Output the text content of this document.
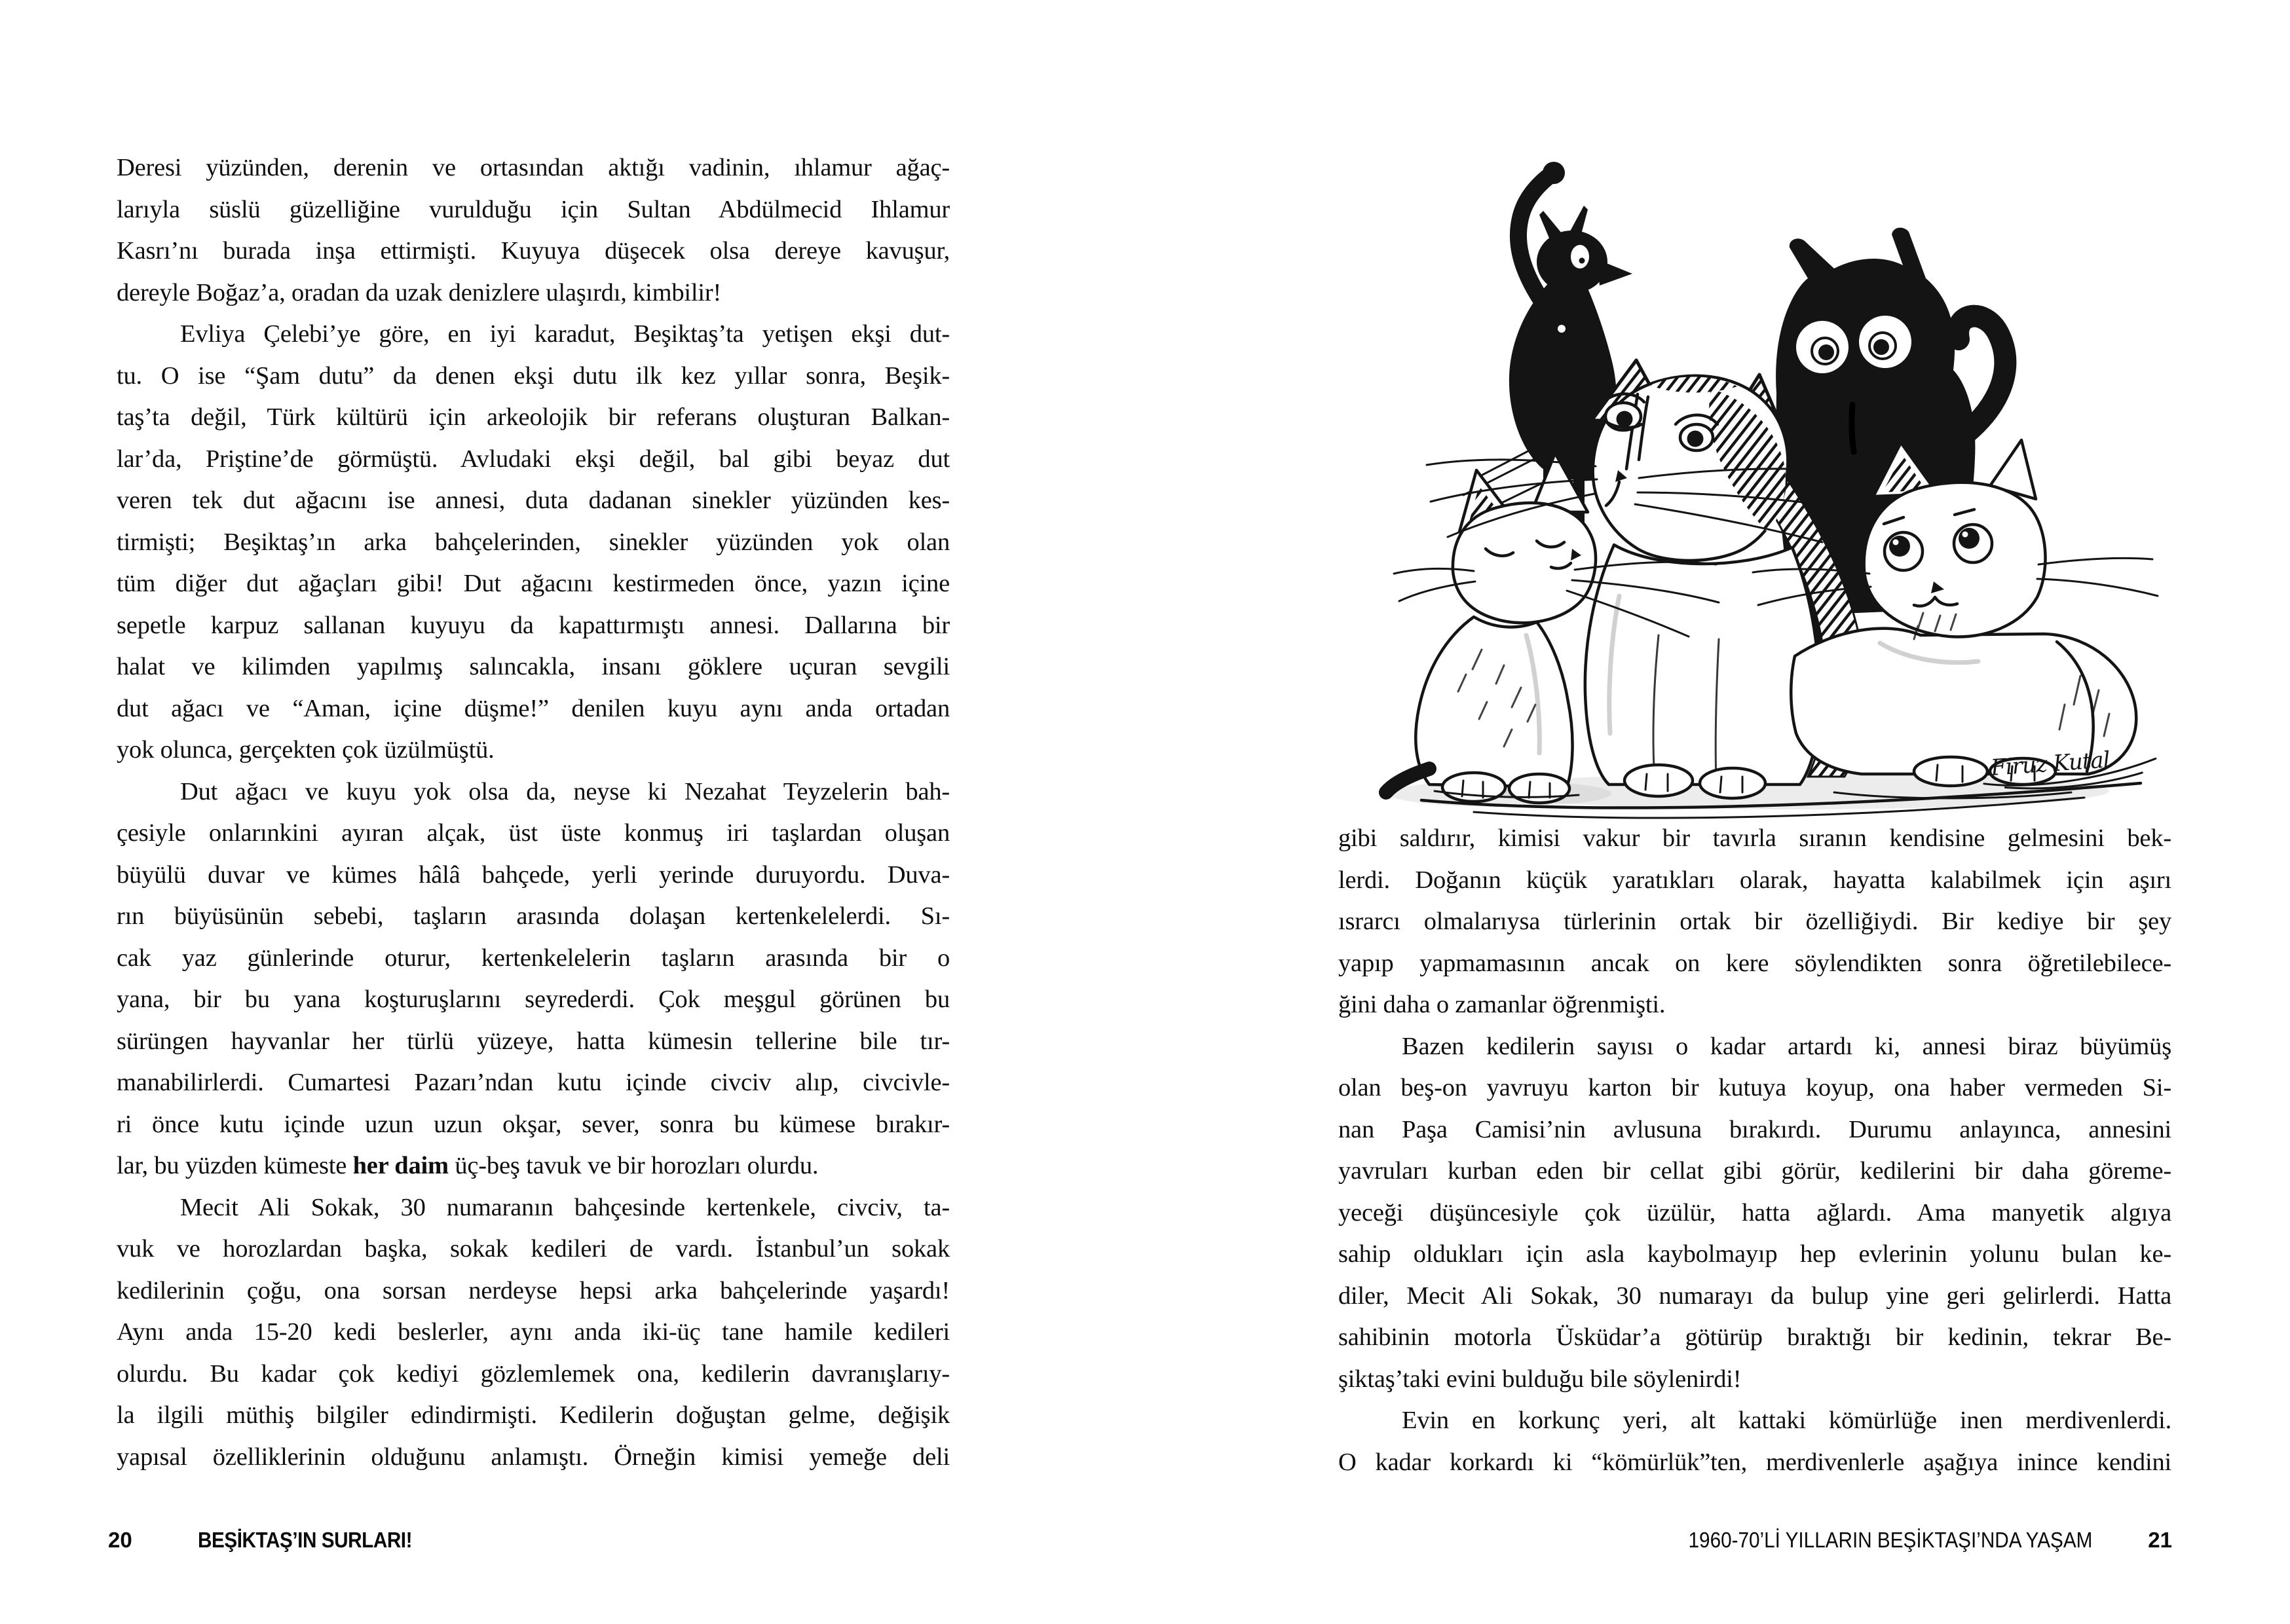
Deresi yüzünden, derenin ve ortasından aktığı vadinin, ıhlamur ağaç-
larıyla süslü güzelliğine vurulduğu için Sultan Abdülmecid Ihlamur
Kasrı’nı burada inşa ettirmişti. Kuyuya düşecek olsa dereye kavuşur,
dereyle Boğaz’a, oradan da uzak denizlere ulaşırdı, kimbilir!
Evliya Çelebi’ye göre, en iyi karadut, Beşiktaş’ta yetişen ekşi dut-
tu. O ise “Şam dutu” da denen ekşi dutu ilk kez yıllar sonra, Beşik-
taş’ta değil, Türk kültürü için arkeolojik bir referans oluşturan Balkan-
lar’da, Priştine’de görmüştü. Avludaki ekşi değil, bal gibi beyaz dut
veren tek dut ağacını ise annesi, duta dadanan sinekler yüzünden kes-
tirmişti; Beşiktaş’ın arka bahçelerinden, sinekler yüzünden yok olan
tüm diğer dut ağaçları gibi! Dut ağacını kestirmeden önce, yazın içine
sepetle karpuz sallanan kuyuyu da kapattırmıştı annesi. Dallarına bir
halat ve kilimden yapılmış salıncakla, insanı göklere uçuran sevgili
dut ağacı ve “Aman, içine düşme!” denilen kuyu aynı anda ortadan
yok olunca, gerçekten çok üzülmüştü.
Dut ağacı ve kuyu yok olsa da, neyse ki Nezahat Teyzelerin bah-
çesiyle onlarınkini ayıran alçak, üst üste konmuş iri taşlardan oluşan
büyülü duvar ve kümes hâlâ bahçede, yerli yerinde duruyordu. Duva-
rın büyüsünün sebebi, taşların arasında dolaşan kertenkelelerdi. Sı-
cak yaz günlerinde oturur, kertenkelelerin taşların arasında bir o
yana, bir bu yana koşturuşlarını seyrederdi. Çok meşgul görünen bu
sürüngen hayvanlar her türlü yüzeye, hatta kümesin tellerine bile tır-
manabilirlerdi. Cumartesi Pazarı’ndan kutu içinde civciv alıp, civcivle-
ri önce kutu içinde uzun uzun okşar, sever, sonra bu kümese bırakır-
lar, bu yüzden kümeste her daim üç-beş tavuk ve bir horozları olurdu.
Mecit Ali Sokak, 30 numaranın bahçesinde kertenkele, civciv, ta-
vuk ve horozlardan başka, sokak kedileri de vardı. İstanbul’un sokak
kedilerinin çoğu, ona sorsan nerdeyse hepsi arka bahçelerinde yaşardı!
Aynı anda 15-20 kedi beslerler, aynı anda iki-üç tane hamile kedileri
olurdu. Bu kadar çok kediyi gözlemlemek ona, kedilerin davranışlarıy-
la ilgili müthiş bilgiler edindirmişti. Kedilerin doğuştan gelme, değişik
yapısal özelliklerinin olduğunu anlamıştı. Örneğin kimisi yemeğe deli
20	BEŞİKTAŞ’IN SURLARI!
Firuz Kutal
gibi saldırır, kimisi vakur bir tavırla sıranın kendisine gelmesini bek-
lerdi. Doğanın küçük yaratıkları olarak, hayatta kalabilmek için aşırı
ısrarcı olmalarıysa türlerinin ortak bir özelliğiydi. Bir kediye bir şey
yapıp yapmamasının ancak on kere söylendikten sonra öğretilebilece-
ğini daha o zamanlar öğrenmişti.
Bazen kedilerin sayısı o kadar artardı ki, annesi biraz büyümüş
olan beş-on yavruyu karton bir kutuya koyup, ona haber vermeden Si-
nan Paşa Camisi’nin avlusuna bırakırdı. Durumu anlayınca, annesini
yavruları kurban eden bir cellat gibi görür, kedilerini bir daha göreme-
yeceği düşüncesiyle çok üzülür, hatta ağlardı. Ama manyetik algıya
sahip oldukları için asla kaybolmayıp hep evlerinin yolunu bulan ke-
diler, Mecit Ali Sokak, 30 numarayı da bulup yine geri gelirlerdi. Hatta
sahibinin motorla Üsküdar’a götürüp bıraktığı bir kedinin, tekrar Be-
şiktaş’taki evini bulduğu bile söylenirdi!
Evin en korkunç yeri, alt kattaki kömürlüğe inen merdivenlerdi.
O kadar korkardı ki “kömürlük”ten, merdivenlerle aşağıya inince kendini
1960-70’Lİ YILLARIN BEŞİKTAŞI’NDA YAŞAM	21
